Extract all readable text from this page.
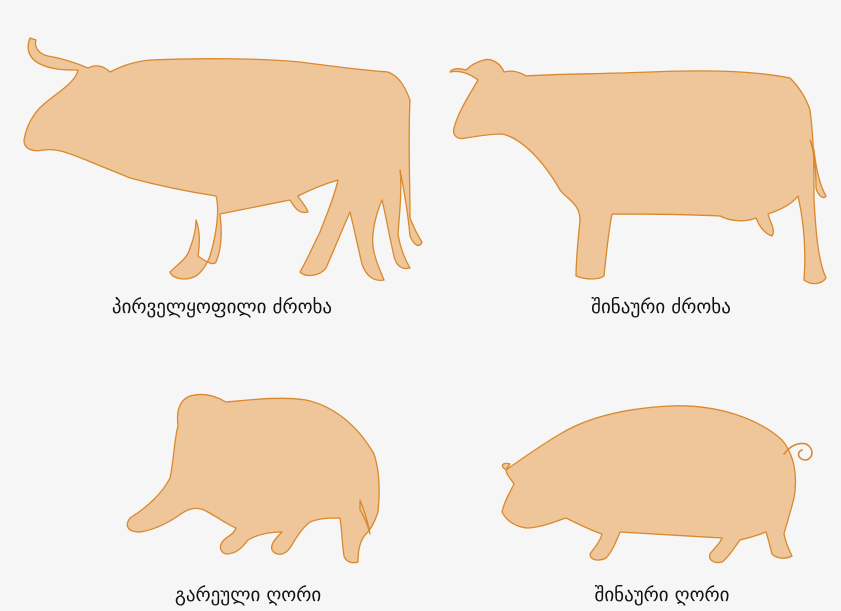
პირველყოფილი ძროხა	შინაური ძროხა
გარეული ღორი	შინაური ღორი
